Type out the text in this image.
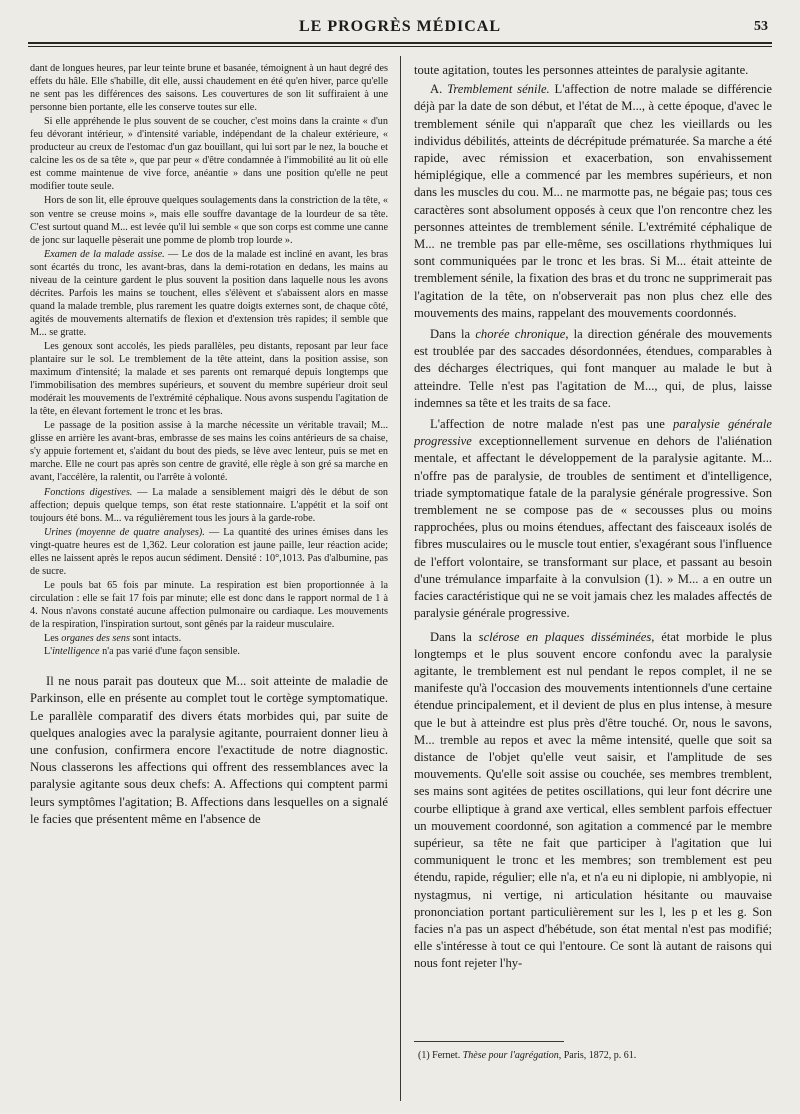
LE PROGRÈS MÉDICAL	53

dant de longues heures, par leur teinte brune et basanée, témoignent à un haut degré des effets du hâle. Elle s'habille, dit elle, aussi chaudement en été qu'en hiver, parce qu'elle ne sent pas les différences des saisons. Les couvertures de son lit suffiraient à une personne bien portante, elle les conserve toutes sur elle.

Si elle appréhende le plus souvent de se coucher, c'est moins dans la crainte « d'un feu dévorant intérieur, » d'intensité variable, indépendant de la chaleur extérieure, « producteur au creux de l'estomac d'un gaz bouillant, qui lui sort par le nez, la bouche et calcine les os de sa tête », que par peur « d'être condamnée à l'immobilité au lit où elle est comme maintenue de vive force, anéantie » dans une position qu'elle ne peut modifier toute seule.

Hors de son lit, elle éprouve quelques soulagements dans la constriction de la tête, « son ventre se creuse moins », mais elle souffre davantage de la lourdeur de sa tête. C'est surtout quand M... est levée qu'il lui semble « que son corps est comme une canne de jonc sur laquelle pèserait une pomme de plomb trop lourde ».

Examen de la malade assise. — Le dos de la malade est incliné en avant, les bras sont écartés du tronc, les avant-bras, dans la demi-rotation en dedans, les mains au niveau de la ceinture gardent le plus souvent la position dans laquelle nous les avons décrites. Parfois les mains se touchent, elles s'élèvent et s'abaissent alors en masse quand la malade tremble, plus rarement les quatre doigts externes sont, de chaque côté, agités de mouvements alternatifs de flexion et d'extension très rapides; il semble que M... se gratte.

Les genoux sont accolés, les pieds parallèles, peu distants, reposant par leur face plantaire sur le sol. Le tremblement de la tête atteint, dans la position assise, son maximum d'intensité; la malade et ses parents ont remarqué depuis longtemps que l'immobilisation des membres supérieurs, et souvent du membre supérieur droit seul modérait les mouvements de l'extrémité céphalique. Nous avons suspendu l'agitation de la tête, en élevant fortement le tronc et les bras.

Le passage de la position assise à la marche nécessite un véritable travail; M... glisse en arrière les avant-bras, embrasse de ses mains les coins antérieurs de sa chaise, s'y appuie fortement et, s'aidant du bout des pieds, se lève avec lenteur, puis se met en marche. Elle ne court pas après son centre de gravité, elle règle à son gré sa marche en avant, l'accélère, la ralentit, ou l'arrête à volonté.

Fonctions digestives. — La malade a sensiblement maigri dès le début de son affection; depuis quelque temps, son état reste stationnaire. L'appétit et la soif ont toujours été bons. M... va régulièrement tous les jours à la garde-robe.

Urines (moyenne de quatre analyses). — La quantité des urines émises dans les vingt-quatre heures est de 1,362. Leur coloration est jaune paille, leur réaction acide; elles ne laissent après le repos aucun sédiment. Densité : 10°,1013. Pas d'albumine, pas de sucre.

Le pouls bat 65 fois par minute. La respiration est bien proportionnée à la circulation : elle se fait 17 fois par minute; elle est donc dans le rapport normal de 1 à 4. Nous n'avons constaté aucune affection pulmonaire ou cardiaque. Les mouvements de la respiration, l'inspiration surtout, sont gênés par la raideur musculaire.

Les organes des sens sont intacts.

L'intelligence n'a pas varié d'une façon sensible.

Il ne nous parait pas douteux que M... soit atteinte de maladie de Parkinson, elle en présente au complet tout le cortège symptomatique. Le parallèle comparatif des divers états morbides qui, par suite de quelques analogies avec la paralysie agitante, pourraient donner lieu à une confusion, confirmera encore l'exactitude de notre diagnostic. Nous classerons les affections qui offrent des ressemblances avec la paralysie agitante sous deux chefs: A. Affections qui comptent parmi leurs symptômes l'agitation; B. Affections dans lesquelles on a signalé le facies que présentent même en l'absence de

toute agitation, toutes les personnes atteintes de paralysie agitante.

A. Tremblement sénile. L'affection de notre malade se différencie déjà par la date de son début, et l'état de M..., à cette époque, d'avec le tremblement sénile qui n'apparaît que chez les vieillards ou les individus débilités, atteints de décrépitude prématurée. Sa marche a été rapide, avec rémission et exacerbation, son envahissement hémiplégique, elle a commencé par les membres supérieurs, et non dans les muscles du cou. M... ne marmotte pas, ne bégaie pas; tous ces caractères sont absolument opposés à ceux que l'on rencontre chez les personnes atteintes de tremblement sénile. L'extrémité céphalique de M... ne tremble pas par elle-même, ses oscillations rhythmiques lui sont communiquées par le tronc et les bras. Si M... était atteinte de tremblement sénile, la fixation des bras et du tronc ne supprimerait pas l'agitation de la tête, on n'observerait pas non plus chez elle des mouvements des mains, rappelant des mouvements coordonnés.

Dans la chorée chronique, la direction générale des mouvements est troublée par des saccades désordonnées, étendues, comparables à des décharges électriques, qui font manquer au malade le but à atteindre. Telle n'est pas l'agitation de M..., qui, de plus, laisse indemnes sa tête et les traits de sa face.

L'affection de notre malade n'est pas une paralysie générale progressive exceptionnellement survenue en dehors de l'aliénation mentale, et affectant le développement de la paralysie agitante. M... n'offre pas de paralysie, de troubles de sentiment et d'intelligence, triade symptomatique fatale de la paralysie générale progressive. Son tremblement ne se compose pas de « secousses plus ou moins rapprochées, plus ou moins étendues, affectant des faisceaux isolés de fibres musculaires ou le muscle tout entier, s'exagérant sous l'influence de l'effort volontaire, se transformant sur place, et passant au besoin d'une trémulance imparfaite à la convulsion (1). » M... a en outre un facies caractéristique qui ne se voit jamais chez les malades affectés de paralysie générale progressive.

Dans la sclérose en plaques disséminées, état morbide le plus longtemps et le plus souvent encore confondu avec la paralysie agitante, le tremblement est nul pendant le repos complet, il ne se manifeste qu'à l'occasion des mouvements intentionnels d'une certaine étendue principalement, et il devient de plus en plus intense, à mesure que le but à atteindre est plus près d'être touché. Or, nous le savons, M... tremble au repos et avec la même intensité, quelle que soit sa distance de l'objet qu'elle veut saisir, et l'amplitude de ses mouvements. Qu'elle soit assise ou couchée, ses membres tremblent, ses mains sont agitées de petites oscillations, qui leur font décrire une courbe elliptique à grand axe vertical, elles semblent parfois effectuer un mouvement coordonné, son agitation a commencé par le membre supérieur, sa tête ne fait que participer à l'agitation que lui communiquent le tronc et les membres; son tremblement est peu étendu, rapide, régulier; elle n'a, et n'a eu ni diplopie, ni amblyopie, ni nystagmus, ni vertige, ni articulation hésitante ou mauvaise prononciation portant particulièrement sur les l, les p et les g. Son facies n'a pas un aspect d'hébétude, son état mental n'est pas modifié; elle s'intéresse à tout ce qui l'entoure. Ce sont là autant de raisons qui nous font rejeter l'hy-

(1) Fernet. Thèse pour l'agrégation, Paris, 1872, p. 61.
